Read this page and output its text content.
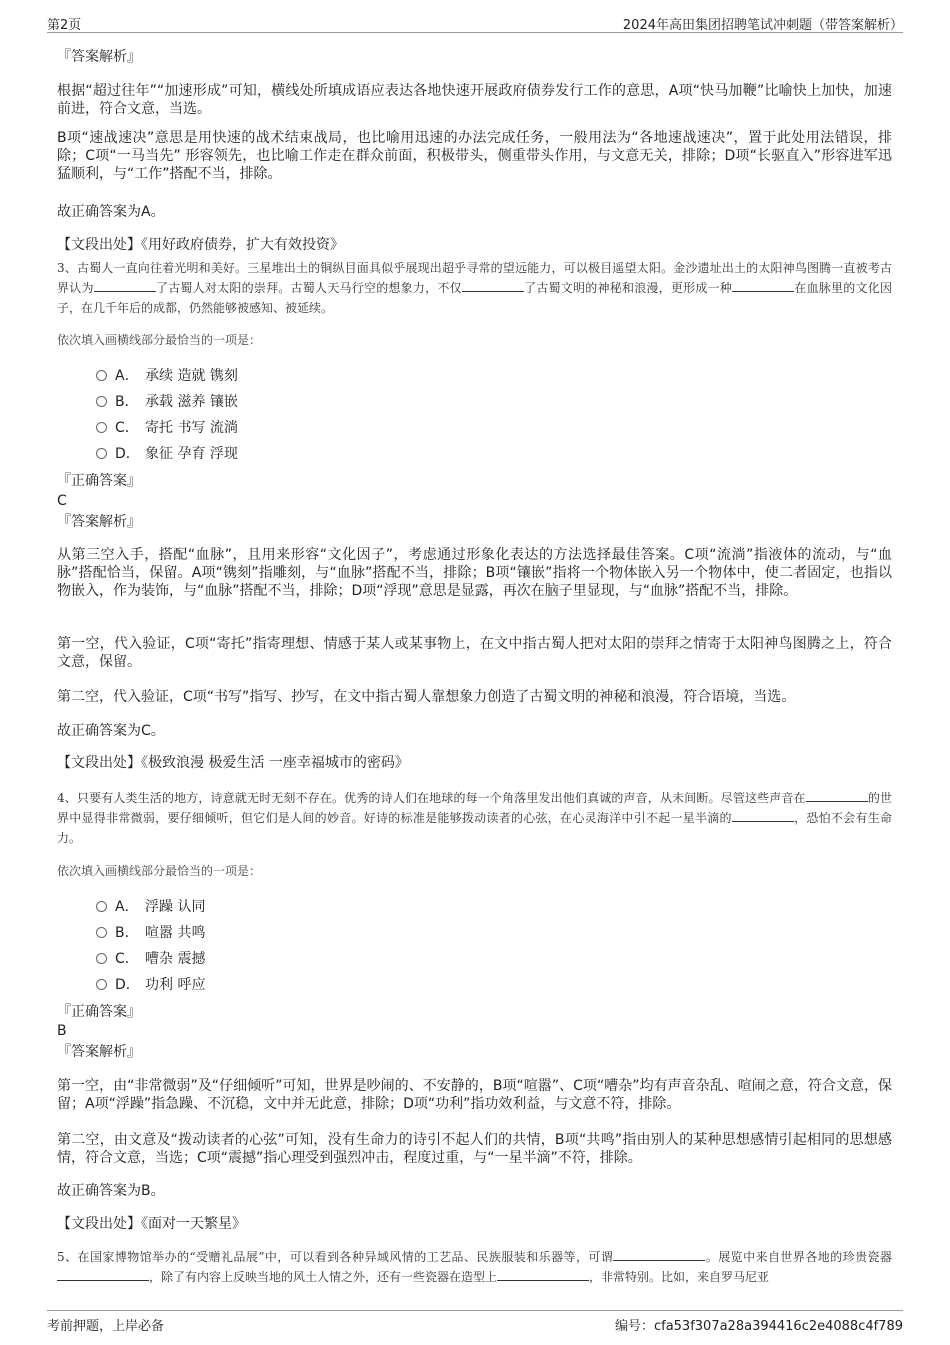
第2页	2024年高田集团招聘笔试冲刺题（带答案解析）
『答案解析』
根据“超过往年”“加速形成”可知，横线处所填成语应表达各地快速开展政府债券发行工作的意思，A项“快马加鞭”比喻快上加快，加速前进，符合文意，当选。
B项“速战速决”意思是用快速的战术结束战局，也比喻用迅速的办法完成任务，一般用法为“各地速战速决”，置于此处用法错误，排除；C项“一马当先” 形容领先，也比喻工作走在群众前面，积极带头，侧重带头作用，与文意无关，排除；D项“长驱直入”形容进军迅猛顺利，与“工作”搭配不当，排除。
故正确答案为A。
【文段出处】《用好政府债券，扩大有效投资》
3、古蜀人一直向往着光明和美好。三星堆出土的铜纵目面具似乎展现出超乎寻常的望远能力，可以极目遥望太阳。金沙遗址出土的太阳神鸟图腾一直被考古界认为	了古蜀人对太阳的崇拜。古蜀人天马行空的想象力，不仅	了古蜀文明的神秘和浪漫，更形成一种	在血脉里的文化因子，在几千年后的成都，仍然能够被感知、被延续。
依次填入画横线部分最恰当的一项是：
A． 承续 造就 镌刻
B． 承载 滋养 镶嵌
C． 寄托 书写 流淌
D． 象征 孕育 浮现
『正确答案』
C
『答案解析』
从第三空入手，搭配“血脉”，且用来形容“文化因子”，考虑通过形象化表达的方法选择最佳答案。C项“流淌”指液体的流动，与“血脉”搭配恰当，保留。A项“镌刻”指雕刻，与“血脉”搭配不当，排除；B项“镶嵌”指将一个物体嵌入另一个物体中，使二者固定，也指以物嵌入，作为装饰，与“血脉”搭配不当，排除；D项“浮现”意思是显露，再次在脑子里显现，与“血脉”搭配不当，排除。
第一空，代入验证，C项“寄托”指寄理想、情感于某人或某事物上，在文中指古蜀人把对太阳的崇拜之情寄于太阳神鸟图腾之上，符合文意，保留。
第二空，代入验证，C项“书写”指写、抄写，在文中指古蜀人靠想象力创造了古蜀文明的神秘和浪漫，符合语境，当选。
故正确答案为C。
【文段出处】《极致浪漫 极爱生活 一座幸福城市的密码》
4、只要有人类生活的地方，诗意就无时无刻不存在。优秀的诗人们在地球的每一个角落里发出他们真诚的声音，从未间断。尽管这些声音在	的世界中显得非常微弱，要仔细倾听，但它们是人间的妙音。好诗的标准是能够拨动读者的心弦，在心灵海洋中引不起一星半滴的	，恐怕不会有生命力。
依次填入画横线部分最恰当的一项是：
A． 浮躁 认同
B． 喧嚣 共鸣
C． 嘈杂 震撼
D． 功利 呼应
『正确答案』
B
『答案解析』
第一空，由“非常微弱”及“仔细倾听”可知，世界是吵闹的、不安静的，B项“喧嚣”、C项“嘈杂”均有声音杂乱、喧闹之意，符合文意，保留；A项“浮躁”指急躁、不沉稳，文中并无此意，排除；D项“功利”指功效利益，与文意不符，排除。
第二空，由文意及“拨动读者的心弦”可知，没有生命力的诗引不起人们的共情，B项“共鸣”指由别人的某种思想感情引起相同的思想感情，符合文意，当选；C项“震撼”指心理受到强烈冲击，程度过重，与“一星半滴”不符，排除。
故正确答案为B。
【文段出处】《面对一天繁星》
5、在国家博物馆举办的“受赠礼品展”中，可以看到各种异域风情的工艺品、民族服装和乐器等，可谓	。展览中来自世界各地的珍贵瓷器，除了有内容上反映当地的风土人情之外，还有一些瓷器在造型上	，非常特别。比如，来自罗马尼亚
考前押题，上岸必备	编号：cfa53f307a28a394416c2e4088c4f789
